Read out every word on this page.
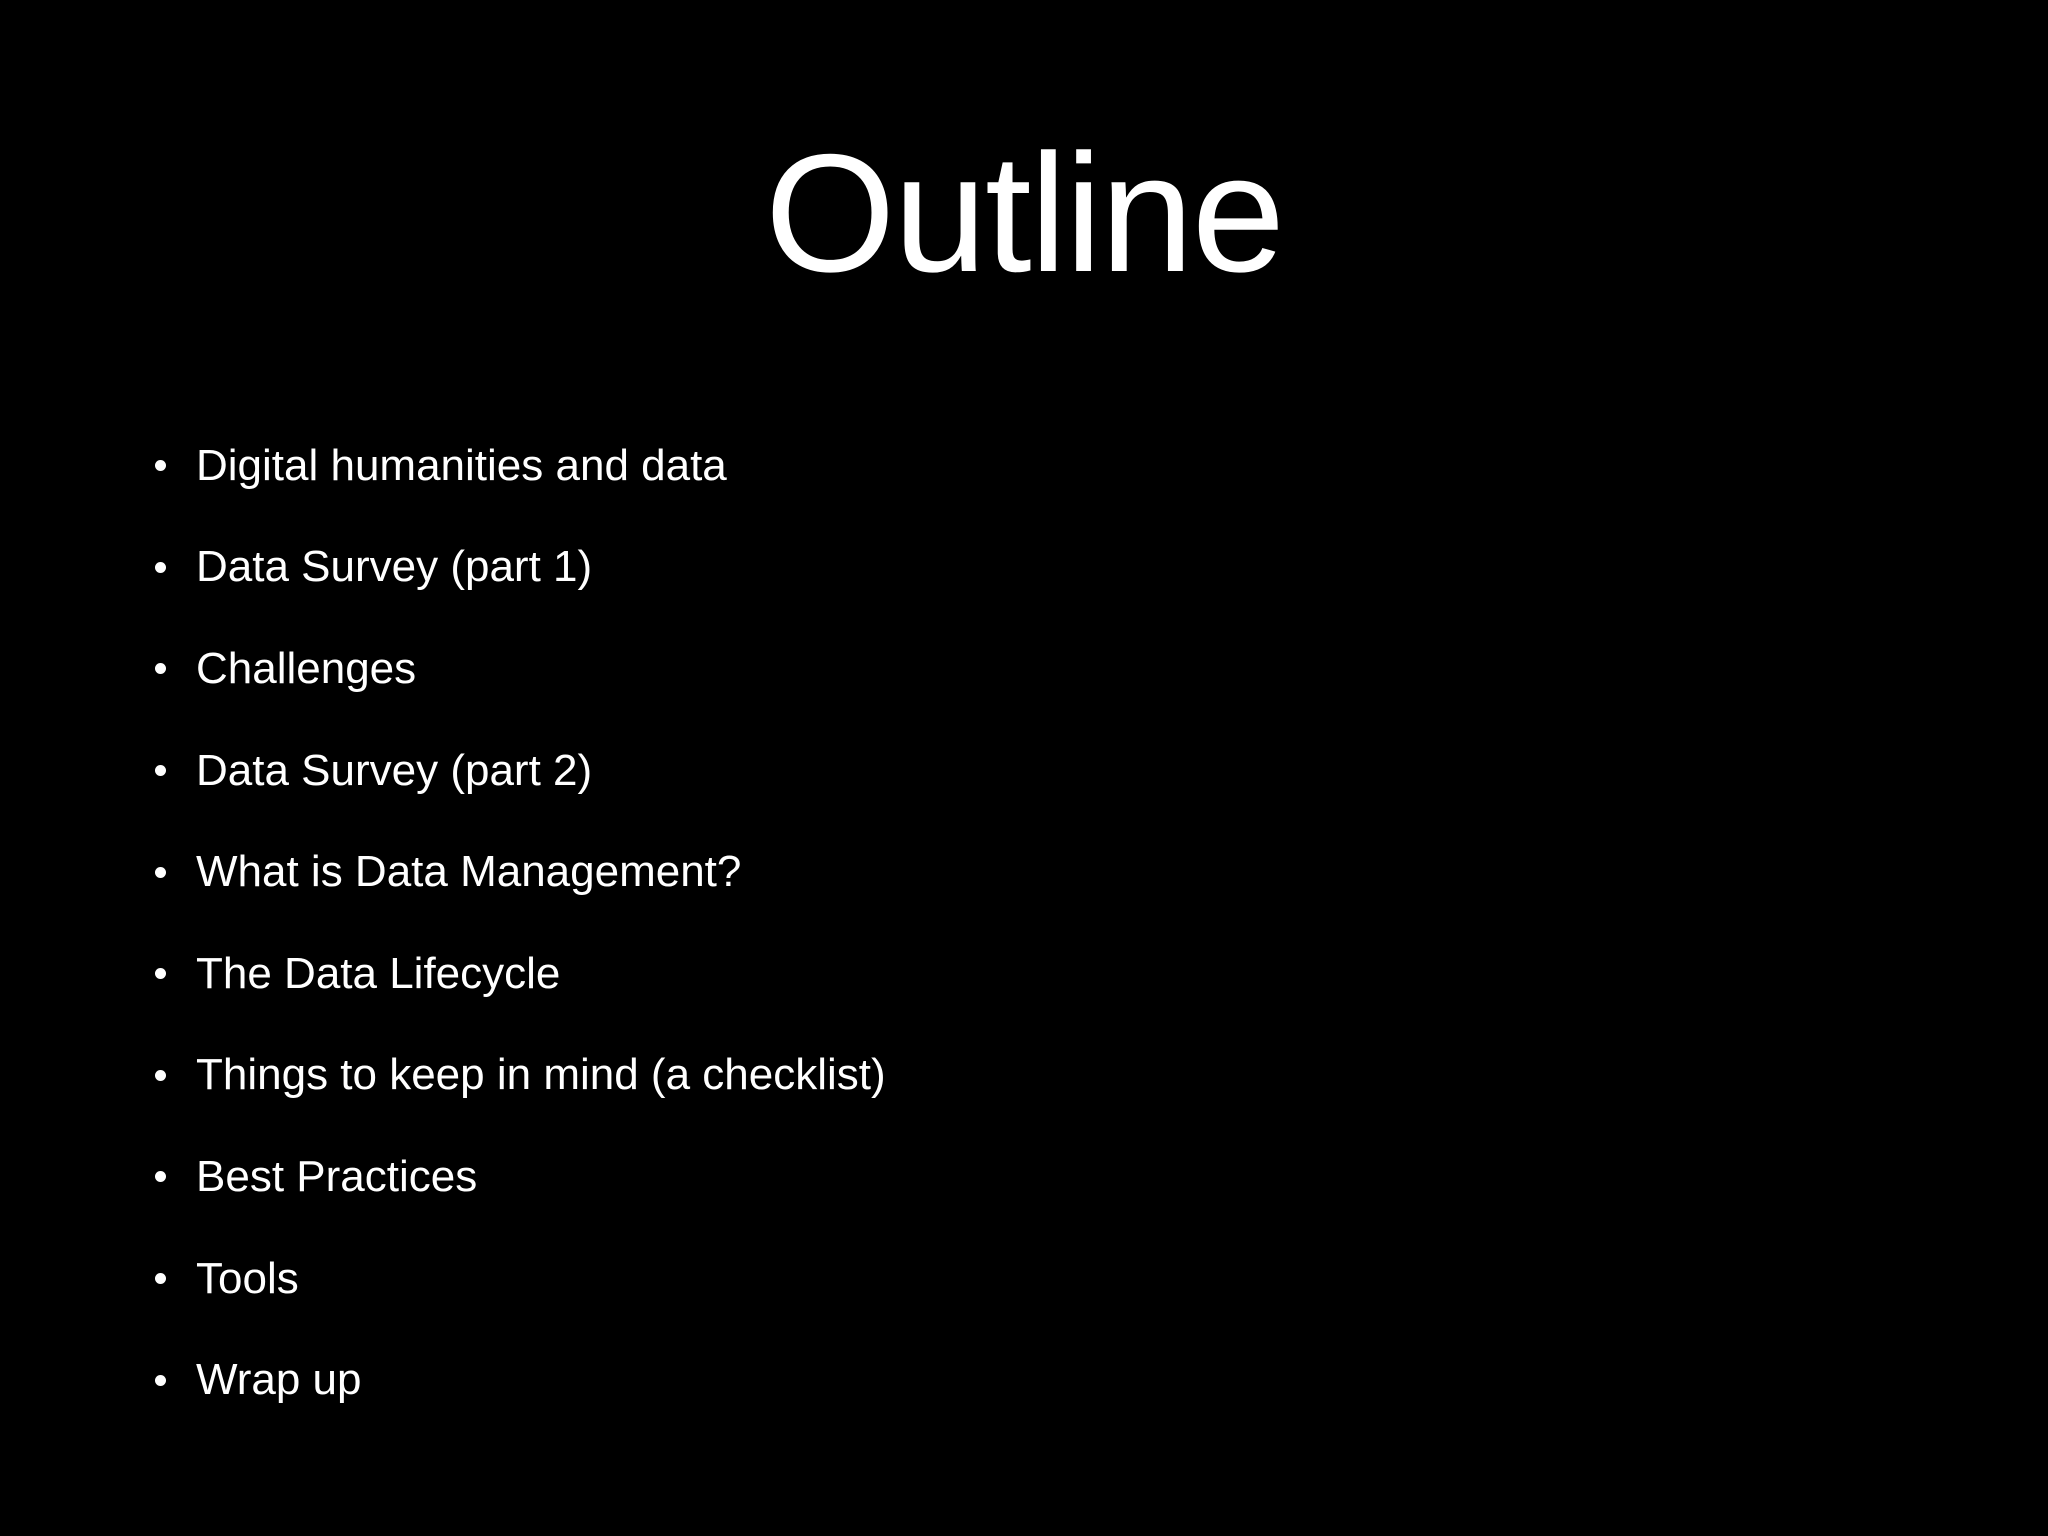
Outline
Digital humanities and data
Data Survey (part 1)
Challenges
Data Survey (part 2)
What is Data Management?
The Data Lifecycle
Things to keep in mind (a checklist)
Best Practices
Tools
Wrap up
